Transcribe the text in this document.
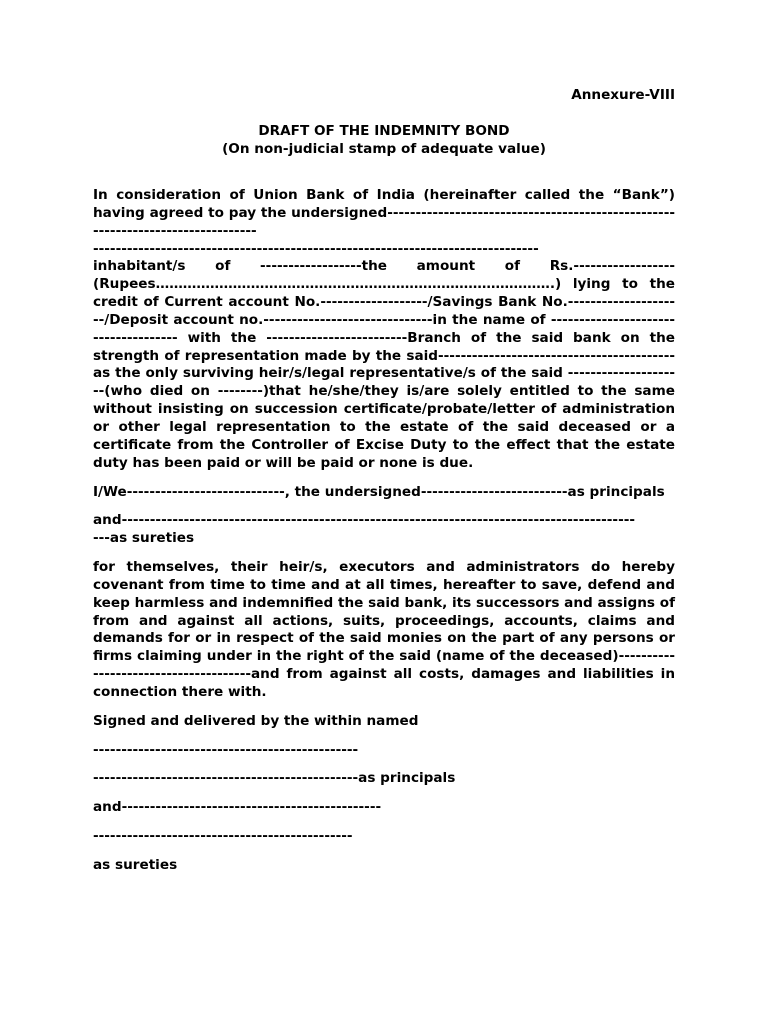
Annexure-VIII
DRAFT OF THE INDEMNITY BOND
(On non-judicial stamp of adequate value)

In consideration of Union Bank of India (hereinafter called the “Bank”) having agreed to pay the undersigned--------------------------------------------------------------------------------
-------------------------------------------------------------------------------
inhabitant/s of ------------------the amount of Rs.------------------(Rupees…………………………………………………………………………….) lying to the credit of Current account No.-------------------/Savings Bank No.---------------------/Deposit account no.------------------------------in the name of ------------------------------------- with the -------------------------Branch of the said bank on the strength of representation made by the said------------------------------------------as the only surviving heir/s/legal representative/s of the said ---------------------(who died on --------)that he/she/they is/are solely entitled to the same without insisting on succession certificate/probate/letter of administration or other legal representation to the estate of the said deceased or a certificate from the Controller of Excise Duty to the effect that the estate duty has been paid or will be paid or none is due.

I/We----------------------------, the undersigned--------------------------as principals

and-------------------------------------------------------------------------------------------
---as sureties

for themselves, their heir/s, executors and administrators do hereby covenant from time to time and at all times, hereafter to save, defend and keep harmless and indemnified the said bank, its successors and assigns of from and against all actions, suits, proceedings, accounts, claims and demands for or in respect of the said monies on the part of any persons or firms claiming under in the right of the said (name of the deceased)--------------------------------------and from against all costs, damages and liabilities in connection there with.

Signed and delivered by the within named

-----------------------------------------------

-----------------------------------------------as principals

and----------------------------------------------

----------------------------------------------

as sureties
